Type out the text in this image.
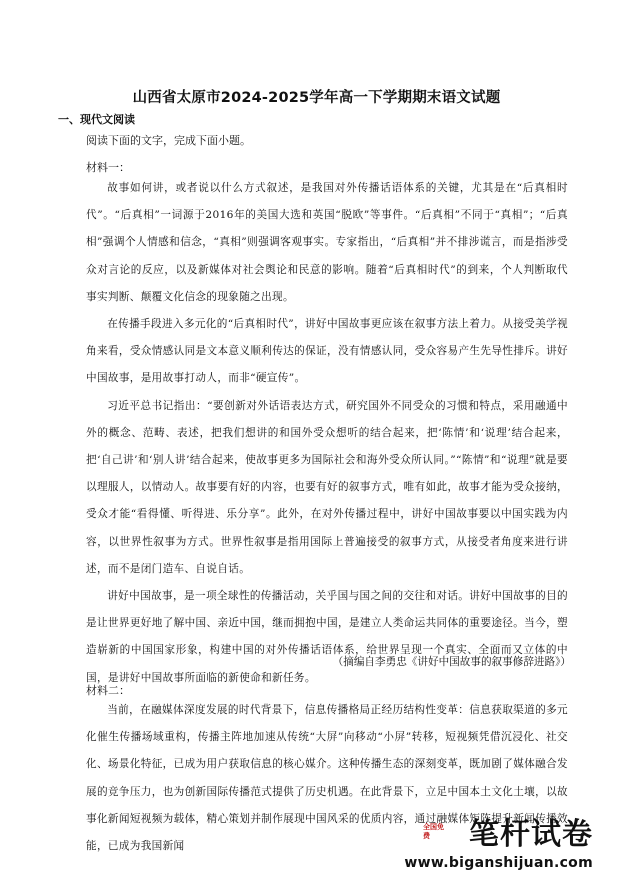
山西省太原市2024-2025学年高一下学期期末语文试题
一、现代文阅读
阅读下面的文字，完成下面小题。
材料一：

故事如何讲，或者说以什么方式叙述，是我国对外传播话语体系的关键，尤其是在“后真相时代”。“后真相”一词源于2016年的美国大选和英国“脱欧”等事件。“后真相”不同于“真相”；“后真相”强调个人情感和信念，“真相”则强调客观事实。专家指出，“后真相”并不排涉谎言，而是指涉受众对言论的反应，以及新媒体对社会舆论和民意的影响。随着“后真相时代”的到来，个人判断取代事实判断、颠覆文化信念的现象随之出现。

在传播手段进入多元化的“后真相时代”，讲好中国故事更应该在叙事方法上着力。从接受美学视角来看，受众情感认同是文本意义顺利传达的保证，没有情感认同，受众容易产生先导性排斥。讲好中国故事，是用故事打动人，而非“硬宣传”。

习近平总书记指出：“要创新对外话语表达方式，研究国外不同受众的习惯和特点，采用融通中外的概念、范畴、表述，把我们想讲的和国外受众想听的结合起来，把‘陈情’和‘说理’结合起来，把‘自己讲’和‘别人讲’结合起来，使故事更多为国际社会和海外受众所认同。”“陈情”和“说理”就是要以理服人，以情动人。故事要有好的内容，也要有好的叙事方式，唯有如此，故事才能为受众接纳，受众才能“看得懂、听得进、乐分享”。此外，在对外传播过程中，讲好中国故事要以中国实践为内容，以世界性叙事为方式。世界性叙事是指用国际上普遍接受的叙事方式，从接受者角度来进行讲述，而不是闭门造车、自说自话。

讲好中国故事，是一项全球性的传播活动，关乎国与国之间的交往和对话。讲好中国故事的目的是让世界更好地了解中国、亲近中国，继而拥抱中国，是建立人类命运共同体的重要途径。当今，塑造崭新的中国国家形象，构建中国的对外传播话语体系，给世界呈现一个真实、全面而又立体的中国，是讲好中国故事所面临的新使命和新任务。

（摘编自李勇忠《讲好中国故事的叙事修辞进路》）
材料二：

当前，在融媒体深度发展的时代背景下，信息传播格局正经历结构性变革：信息获取渠道的多元化催生传播场域重构，传播主阵地加速从传统“大屏”向移动“小屏”转移，短视频凭借沉浸化、社交化、场景化特征，已成为用户获取信息的核心媒介。这种传播生态的深刻变革，既加剧了媒体融合发展的竞争压力，也为创新国际传播范式提供了历史机遇。在此背景下，立足中国本土文化土壤，以故事化新闻短视频为载体，精心策划并制作展现中国风采的优质内容，通过融媒体矩阵提升新闻传播效能，已成为我国新闻

全国免费	笔杆试卷
www.biganshijuan.com
